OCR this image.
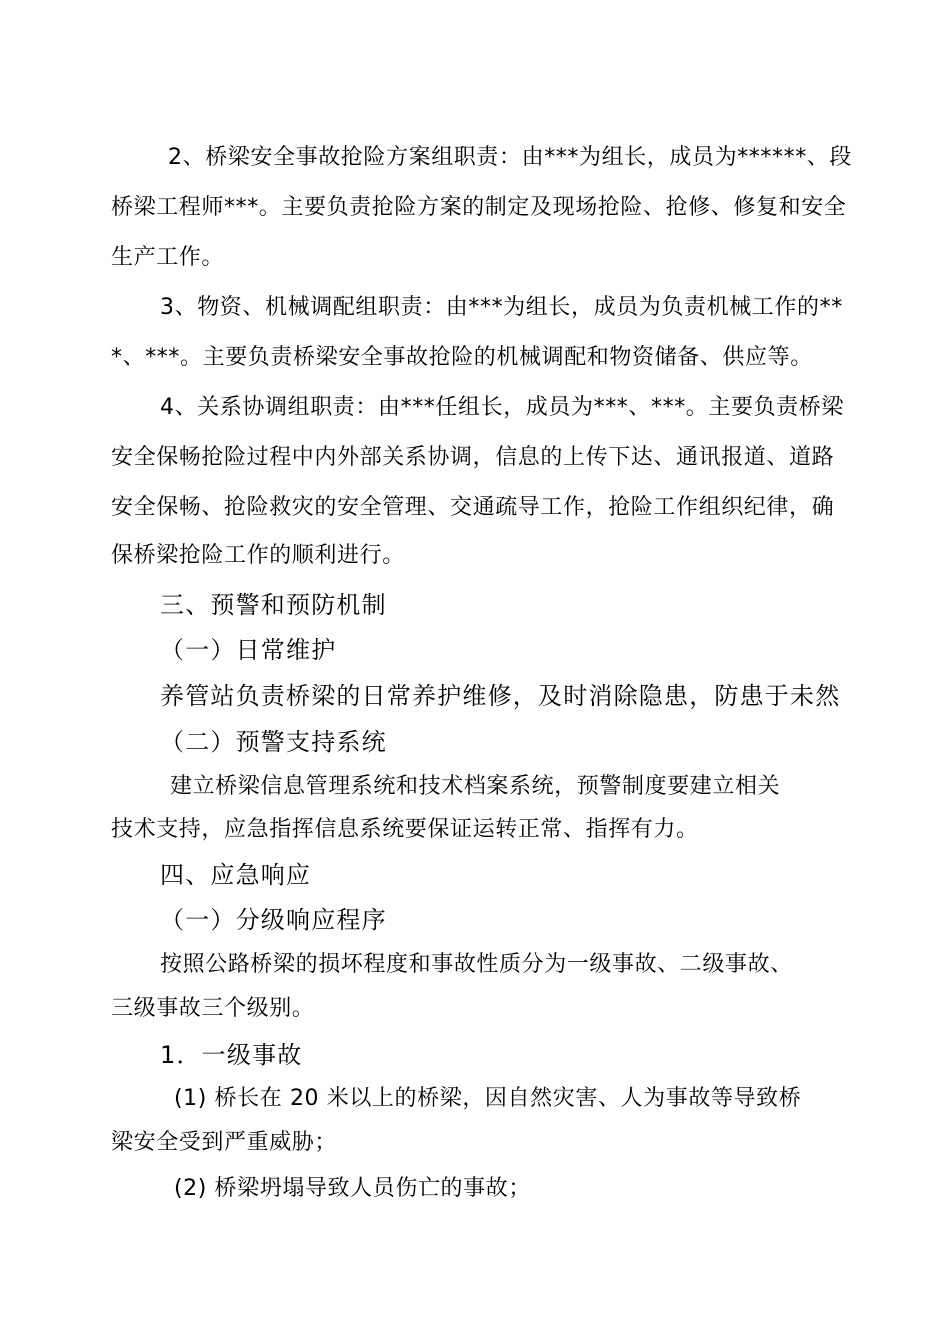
2、桥梁安全事故抢险方案组职责：由***为组长，成员为******、段
桥梁工程师***。主要负责抢险方案的制定及现场抢险、抢修、修复和安全
生产工作。
3、物资、机械调配组职责：由***为组长，成员为负责机械工作的**
*、***。主要负责桥梁安全事故抢险的机械调配和物资储备、供应等。
4、关系协调组职责：由***任组长，成员为***、***。主要负责桥梁
安全保畅抢险过程中内外部关系协调，信息的上传下达、通讯报道、道路
安全保畅、抢险救灾的安全管理、交通疏导工作，抢险工作组织纪律，确
保桥梁抢险工作的顺利进行。
三、预警和预防机制
（一）日常维护
养管站负责桥梁的日常养护维修，及时消除隐患，防患于未然
（二）预警支持系统
建立桥梁信息管理系统和技术档案系统，预警制度要建立相关
技术支持，应急指挥信息系统要保证运转正常、指挥有力。
四、应急响应
（一）分级响应程序
按照公路桥梁的损坏程度和事故性质分为一级事故、二级事故、
三级事故三个级别。
1．一级事故
(1) 桥长在 20 米以上的桥梁，因自然灾害、人为事故等导致桥
梁安全受到严重威胁；
(2) 桥梁坍塌导致人员伤亡的事故；
